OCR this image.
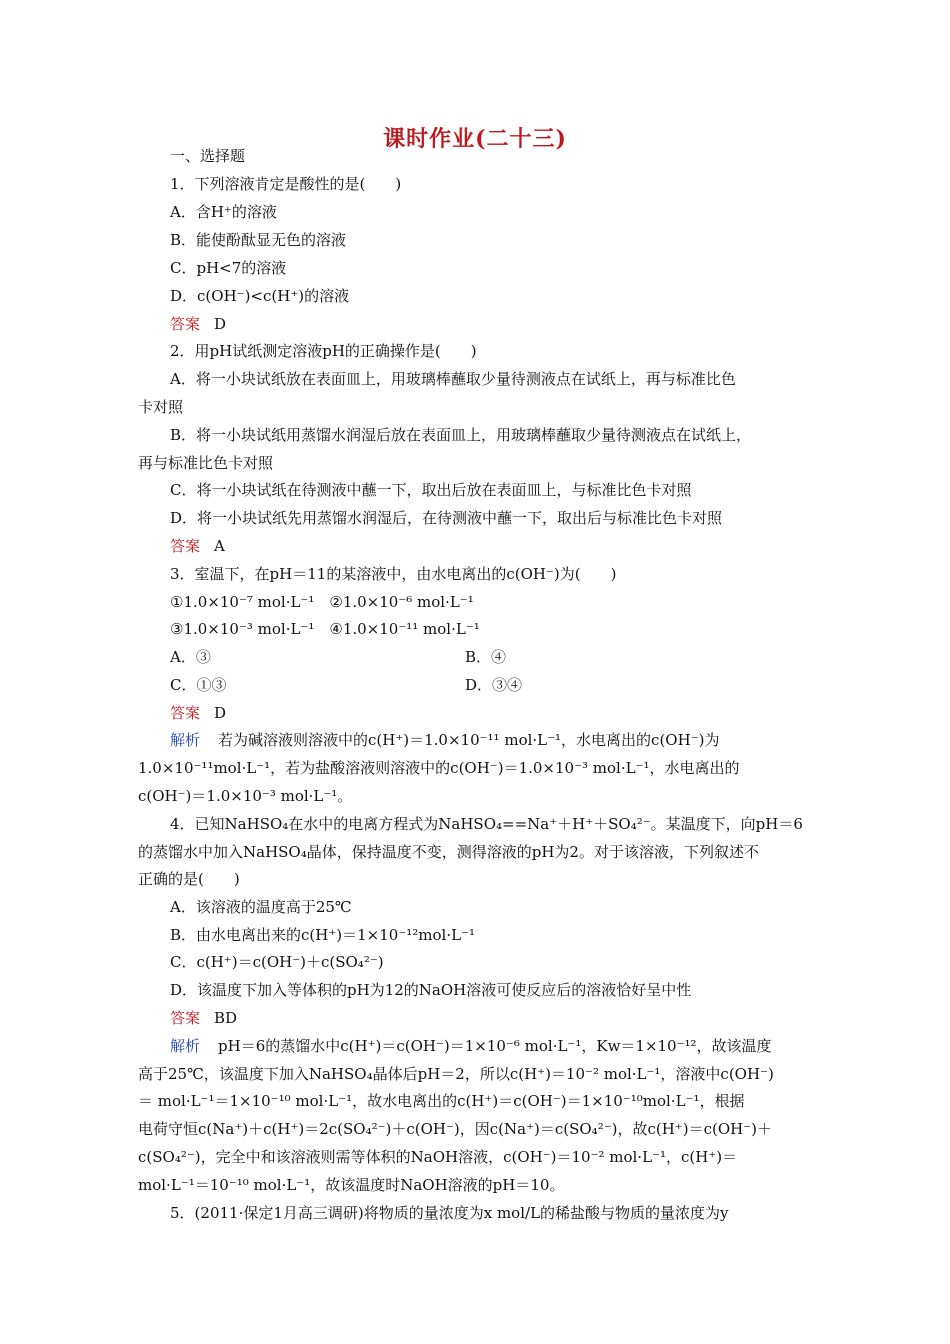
课时作业(二十三)
一、选择题
1．下列溶液肯定是酸性的是(　　)
A．含H⁺的溶液
B．能使酚酞显无色的溶液
C．pH<7的溶液
D．c(OH⁻)<c(H⁺)的溶液
答案 D
2．用pH试纸测定溶液pH的正确操作是(　　)
A．将一小块试纸放在表面皿上，用玻璃棒蘸取少量待测液点在试纸上，再与标准比色
卡对照
B．将一小块试纸用蒸馏水润湿后放在表面皿上，用玻璃棒蘸取少量待测液点在试纸上，
再与标准比色卡对照
C．将一小块试纸在待测液中蘸一下，取出后放在表面皿上，与标准比色卡对照
D．将一小块试纸先用蒸馏水润湿后，在待测液中蘸一下，取出后与标准比色卡对照
答案 A
3．室温下，在pH＝11的某溶液中，由水电离出的c(OH⁻)为(　　)
①1.0×10⁻⁷ mol·L⁻¹　②1.0×10⁻⁶ mol·L⁻¹
③1.0×10⁻³ mol·L⁻¹　④1.0×10⁻¹¹ mol·L⁻¹
A．③	B．④
C．①③	D．③④
答案 D
解析 若为碱溶液则溶液中的c(H⁺)＝1.0×10⁻¹¹ mol·L⁻¹，水电离出的c(OH⁻)为
1.0×10⁻¹¹mol·L⁻¹，若为盐酸溶液则溶液中的c(OH⁻)＝1.0×10⁻³ mol·L⁻¹，水电离出的
c(OH⁻)＝1.0×10⁻³ mol·L⁻¹。
4．已知NaHSO₄在水中的电离方程式为NaHSO₄==Na⁺＋H⁺＋SO₄²⁻。某温度下，向pH＝6
的蒸馏水中加入NaHSO₄晶体，保持温度不变，测得溶液的pH为2。对于该溶液，下列叙述不
正确的是(　　)
A．该溶液的温度高于25℃
B．由水电离出来的c(H⁺)＝1×10⁻¹²mol·L⁻¹
C．c(H⁺)＝c(OH⁻)＋c(SO₄²⁻)
D．该温度下加入等体积的pH为12的NaOH溶液可使反应后的溶液恰好呈中性
答案 BD
解析 pH＝6的蒸馏水中c(H⁺)＝c(OH⁻)＝1×10⁻⁶ mol·L⁻¹，Kw＝1×10⁻¹²，故该温度
高于25℃，该温度下加入NaHSO₄晶体后pH＝2，所以c(H⁺)＝10⁻² mol·L⁻¹，溶液中c(OH⁻)
＝ mol·L⁻¹＝1×10⁻¹⁰ mol·L⁻¹，故水电离出的c(H⁺)＝c(OH⁻)＝1×10⁻¹⁰mol·L⁻¹，根据
电荷守恒c(Na⁺)＋c(H⁺)＝2c(SO₄²⁻)＋c(OH⁻)，因c(Na⁺)＝c(SO₄²⁻)，故c(H⁺)＝c(OH⁻)＋
c(SO₄²⁻)，完全中和该溶液则需等体积的NaOH溶液，c(OH⁻)＝10⁻² mol·L⁻¹，c(H⁺)＝
mol·L⁻¹＝10⁻¹⁰ mol·L⁻¹，故该温度时NaOH溶液的pH＝10。
5．(2011·保定1月高三调研)将物质的量浓度为x mol/L的稀盐酸与物质的量浓度为y
